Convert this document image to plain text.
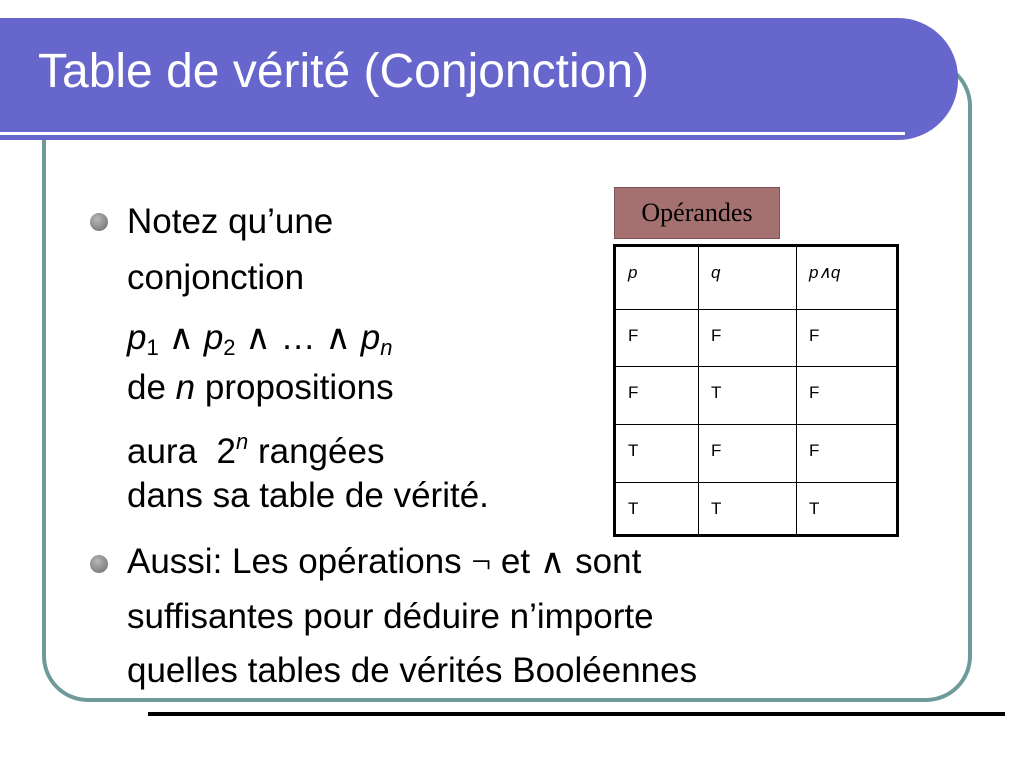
Table de vérité (Conjonction)
Notez qu’une
conjonction
$p_1$ ∧ $p_2$ ∧ … ∧ $p_n$
de n propositions
aura 2$^n$ rangées
dans sa table de vérité.
Aussi: Les opérations ¬ et ∧ sont
suffisantes pour déduire n’importe
quelles tables de vérités Booléennes
Opérandes
p	q	p∧q
F	F	F
F	T	F
T	F	F
T	T	T
